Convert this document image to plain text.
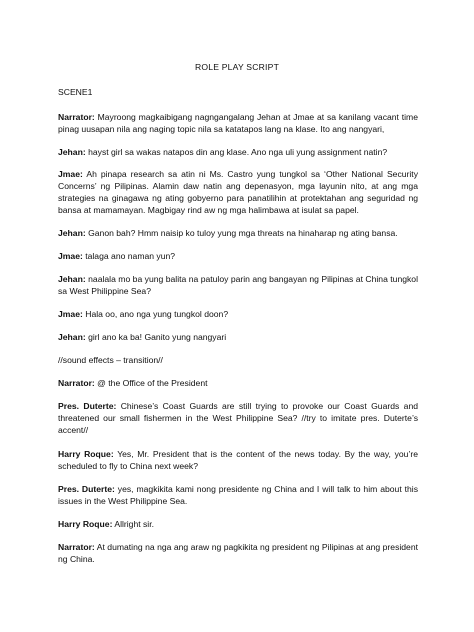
ROLE PLAY SCRIPT
SCENE1

Narrator: Mayroong magkaibigang nagngangalang Jehan at Jmae at sa kanilang vacant time pinag uusapan nila ang naging topic nila sa katatapos lang na klase. Ito ang nangyari,

Jehan: hayst girl sa wakas natapos din ang klase. Ano nga uli yung assignment natin?

Jmae: Ah pinapa research sa atin ni Ms. Castro yung tungkol sa ‘Other National Security Concerns’ ng Pilipinas. Alamin daw natin ang depenasyon, mga layunin nito, at ang mga strategies na ginagawa ng ating gobyerno para panatilihin at protektahan ang seguridad ng bansa at mamamayan. Magbigay rind aw ng mga halimbawa at isulat sa papel.

Jehan: Ganon bah? Hmm naisip ko tuloy yung mga threats na hinaharap ng ating bansa.

Jmae: talaga ano naman yun?

Jehan: naalala mo ba yung balita na patuloy parin ang bangayan ng Pilipinas at China tungkol sa West Philippine Sea?

Jmae: Hala oo, ano nga yung tungkol doon?

Jehan: girl ano ka ba! Ganito yung nangyari

//sound effects – transition//

Narrator: @ the Office of the President

Pres. Duterte: Chinese’s Coast Guards are still trying to provoke our Coast Guards and threatened our small fishermen in the West Philippine Sea? //try to imitate pres. Duterte’s accent//

Harry Roque: Yes, Mr. President that is the content of the news today. By the way, you’re scheduled to fly to China next week?

Pres. Duterte: yes, magkikita kami nong presidente ng China and I will talk to him about this issues in the West Philippine Sea.

Harry Roque: Allright sir.

Narrator: At dumating na nga ang araw ng pagkikita ng president ng Pilipinas at ang president ng China.
